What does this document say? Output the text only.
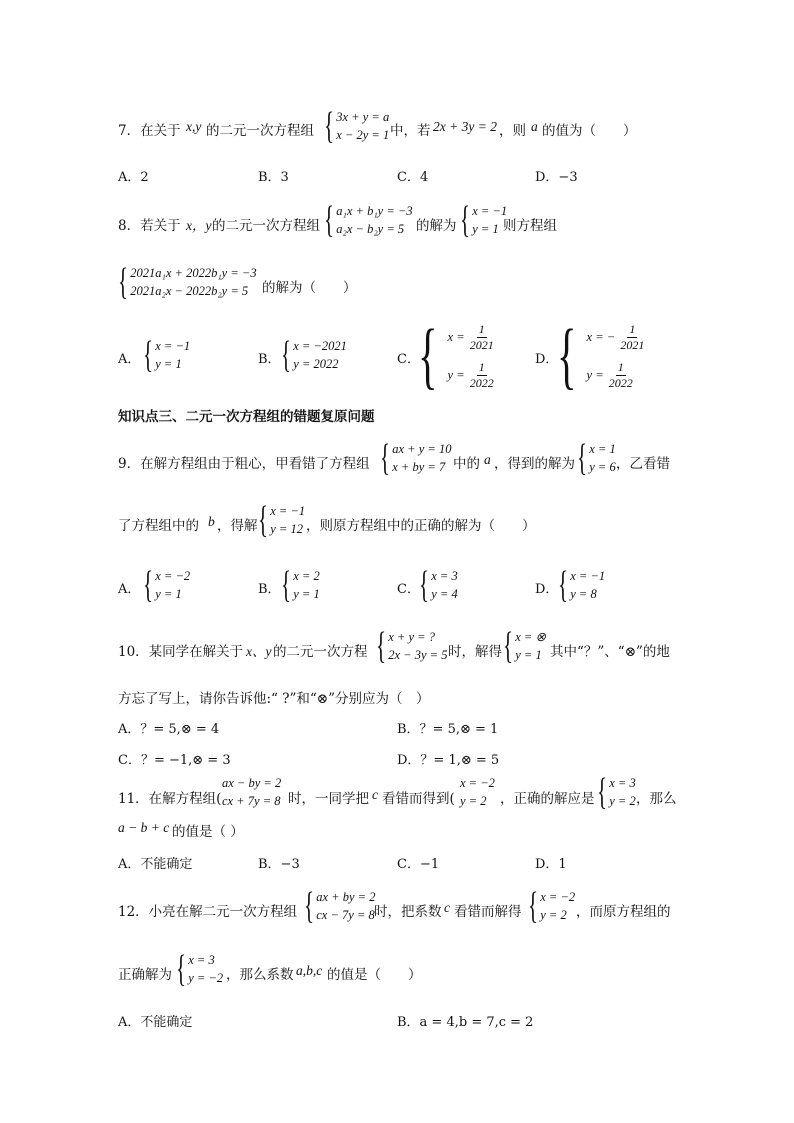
7．在关于 x,y 的二元一次方程组 { 3x + y = a
x − 2y = 1 中，若 2x + 3y = 2 ，则 a 的值为（　　）
A．2	B．3	C．4	D．−3
8．若关于 x，y 的二元一次方程组 { a₁x + b₁y = −3
a₂x − b₂y = 5 的解为 { x = −1
y = 1 则方程组
{ 2021a₁x + 2022b₁y = −3
2021a₂x − 2022b₂y = 5	的解为（　　）
A． { x = −1
y = 1	B． { x = −2021
y = 2022	C．
{ x =
$\frac{1}{2021}$
y =
$\frac{1}{2022}$	D．
{ x = −
$\frac{1}{2021}$
y =
$\frac{1}{2022}$
知识点三、二元一次方程组的错题复原问题
9．在解方程组由于粗心，甲看错了方程组 { ax + y = 10
x + by = 7 中的 a ，得到的解为 { x = 1
y = 6 ，乙看错
了方程组中的 b ，得解 { x = −1
y = 12 ，则原方程组中的正确的解为（　　）
A． { x = −2
y = 1	B． { x = 2
y = 1	C． { x = 3
y = 4	D． { x = −1
y = 8
10．某同学在解关于 x、y 的二元一次方程 { x + y = ?
2x − 3y = 5 时，解得 { x = ⊗
y = 1 其中“？”、“⊗”的地
方忘了写上，请你告诉他:“ ?”和“⊗”分别应为（　）
A．？= 5,⊗ = 4	B．？= 5,⊗ = 1
C．？= −1,⊗ = 3	D．？= 1,⊗ = 5
11．在解方程组(
ax − by = 2
cx + 7y = 8 时，一同学把 c 看错而得到(
x = −2
y = 2	，正确的解应是 { x = 3
y = 2 ，那么
a − b + c 的值是（ ）
A．不能确定	B．−3	C．−1	D．1
12．小亮在解二元一次方程组 { ax + by = 2
cx − 7y = 8 时，把系数 c 看错而解得 { x = −2
y = 2 ，而原方程组的
正确解为 { x = 3
y = −2 ，那么系数 a,b,c 的值是（　　）
A．不能确定	B．a = 4,b = 7,c = 2
